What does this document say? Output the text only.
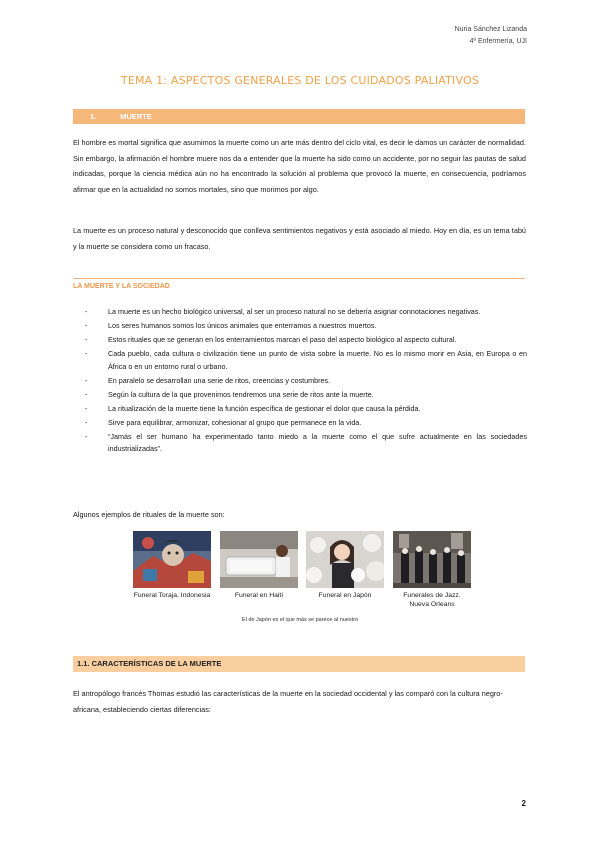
Nuria Sánchez Lizanda
4º Enfermería, UJI
TEMA 1: ASPECTOS GENERALES DE LOS CUIDADOS PALIATIVOS
1.	MUERTE

El hombre es mortal significa que asumimos la muerte como un arte más dentro del ciclo vital, es decir le damos un carácter de normalidad. Sin embargo, la afirmación el hombre muere nos da a entender que la muerte ha sido como un accidente, por no seguir las pautas de salud indicadas, porque la ciencia médica aún no ha encontrado la solución al problema que provocó la muerte, en consecuencia, podríamos afirmar que en la actualidad no somos mortales, sino que morimos por algo.

La muerte es un proceso natural y desconocido que conlleva sentimientos negativos y está asociado al miedo. Hoy en día, es un tema tabú y la muerte se considera como un fracaso.

LA MUERTE Y LA SOCIEDAD
-	La muerte es un hecho biológico universal, al ser un proceso natural no se debería asignar connotaciones negativas.
-	Los seres humanos somos los únicos animales que enterramos a nuestros muertos.
-	Estos rituales que se generan en los enterramientos marcan el paso del aspecto biológico al aspecto cultural.
-	Cada pueblo, cada cultura o civilización tiene un punto de vista sobre la muerte. No es lo mismo morir en Asia, en Europa o en África o en un entorno rural o urbano.
-	En paralelo se desarrollan una serie de ritos, creencias y costumbres.
-	Según la cultura de la que provenimos tendremos una serie de ritos ante la muerte.
-	La ritualización de la muerte tiene la función específica de gestionar el dolor que causa la pérdida.
-	Sirve para equilibrar, armonizar, cohesionar al grupo que permanece en la vida.
-	“Jamás el ser humano ha experimentado tanto miedo a la muerte como el que sufre actualmente en las sociedades industrializadas”.
Algunos ejemplos de rituales de la muerte son:
Funeral Toraja. Indonesia	Funeral en Haití	Funeral en Japón	Funerales de Jazz. Nueva Orleans
El de Japón es el que más se parece al nuestro
1.1. CARACTERÍSTICAS DE LA MUERTE

El antropólogo francés Thomas estudió las características de la muerte en la sociedad occidental y las comparó con la cultura negro-africana, estableciendo ciertas diferencias:

2
